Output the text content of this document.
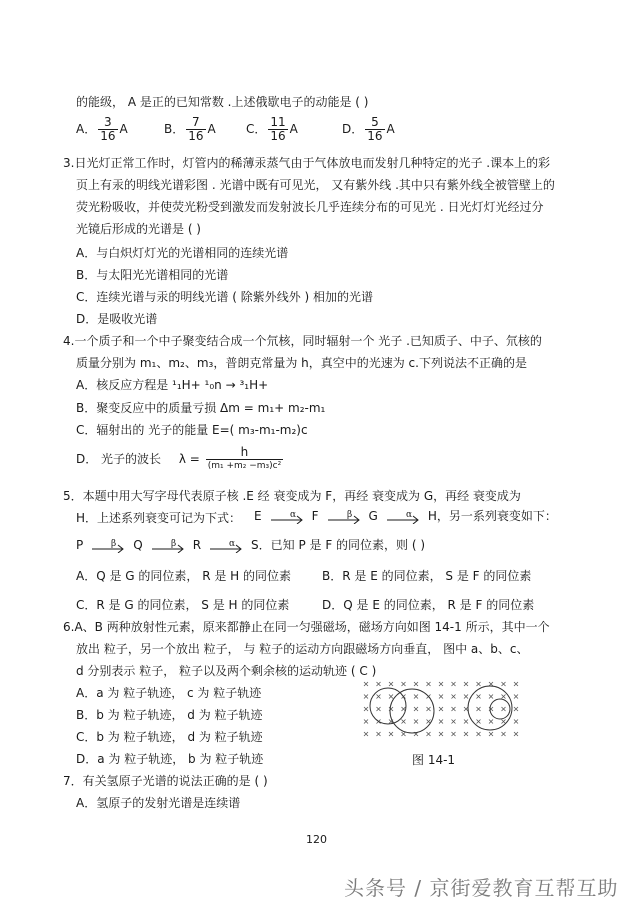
的能级， A 是正的已知常数 .上述俄歇电子的动能是 ( )
A． $\frac{3}{16}$ A	B． $\frac{7}{16}$ A	C． $\frac{11}{16}$ A	D． $\frac{5}{16}$ A
3.日光灯正常工作时，灯管内的稀薄汞蒸气由于气体放电而发射几种特定的光子 .课本上的彩
页上有汞的明线光谱彩图 . 光谱中既有可见光， 又有紫外线 .其中只有紫外线全被管壁上的
荧光粉吸收，并使荧光粉受到激发而发射波长几乎连续分布的可见光 . 日光灯灯光经过分
光镜后形成的光谱是 ( )
A．与白炽灯灯光的光谱相同的连续光谱
B．与太阳光光谱相同的光谱
C．连续光谱与汞的明线光谱 ( 除紫外线外 ) 相加的光谱
D．是吸收光谱
4.一个质子和一个中子聚变结合成一个氘核，同时辐射一个 光子 .已知质子、中子、氘核的
质量分别为 m₁、m₂、m₃，普朗克常量为 h，真空中的光速为 c.下列说法不正确的是
A．核反应方程是 ¹₁H+ ¹₀n → ³₁H+
B．聚变反应中的质量亏损 Δm = m₁+ m₂-m₁
C．辐射出的 光子的能量 E=( m₃-m₁-m₂)c
D． 光子的波长 $\lambda = \frac{h}{\text{(m₁ +m₂ −m₃)c²}}$
5．本题中用大写字母代表原子核 .E 经 衰变成为 F，再经 衰变成为 G，再经 衰变成为
H．上述系列衰变可记为下式： E	α F	β G	α H，另一系列衰变如下：
P	β Q	β R	α S．已知 P 是 F 的同位素，则 ( )
A．Q 是 G 的同位素， R 是 H 的同位素	B．R 是 E 的同位素， S 是 F 的同位素
C．R 是 G 的同位素， S 是 H 的同位素	D．Q 是 E 的同位素， R 是 F 的同位素
6.A、B 两种放射性元素，原来都静止在同一匀强磁场，磁场方向如图 14-1 所示，其中一个
放出 粒子，另一个放出 粒子， 与 粒子的运动方向跟磁场方向垂直， 图中 a、b、c、
d 分别表示 粒子， 粒子以及两个剩余核的运动轨迹 ( C )
A．a 为 粒子轨迹， c 为 粒子轨迹
B．b 为 粒子轨迹， d 为 粒子轨迹
C．b 为 粒子轨迹， d 为 粒子轨迹
D．a 为 粒子轨迹， b 为 粒子轨迹	图 14-1
7．有关氢原子光谱的说法正确的是 ( )
A．氢原子的发射光谱是连续谱
120
头条号 / 京街爱教育互帮互助
